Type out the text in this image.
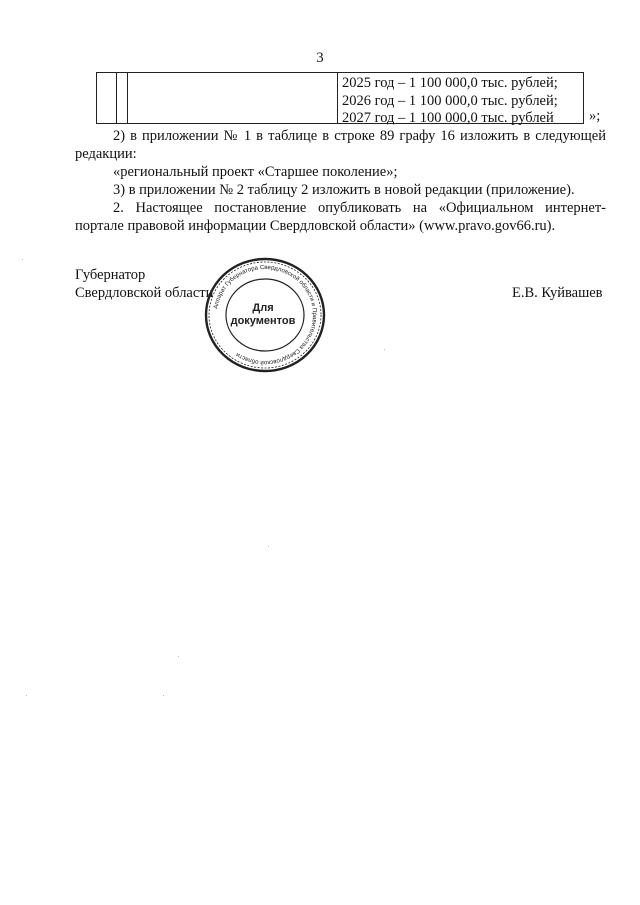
3
2025 год – 1 100 000,0 тыс. рублей;
2026 год – 1 100 000,0 тыс. рублей;
2027 год – 1 100 000,0 тыс. рублей »;

2) в приложении № 1 в таблице в строке 89 графу 16 изложить в следующей

редакции:

«региональный проект «Старшее поколение»;

3) в приложении № 2 таблицу 2 изложить в новой редакции (приложение).

2. Настоящее постановление опубликовать на «Официальном интернет-

портале правовой информации Свердловской области» (www.pravo.gov66.ru).

Губернатор
Свердловской области	Е.В. Куйвашев
Аппарат Губернатора Свердловской области и Правительства Свердловской области
Для
документов
